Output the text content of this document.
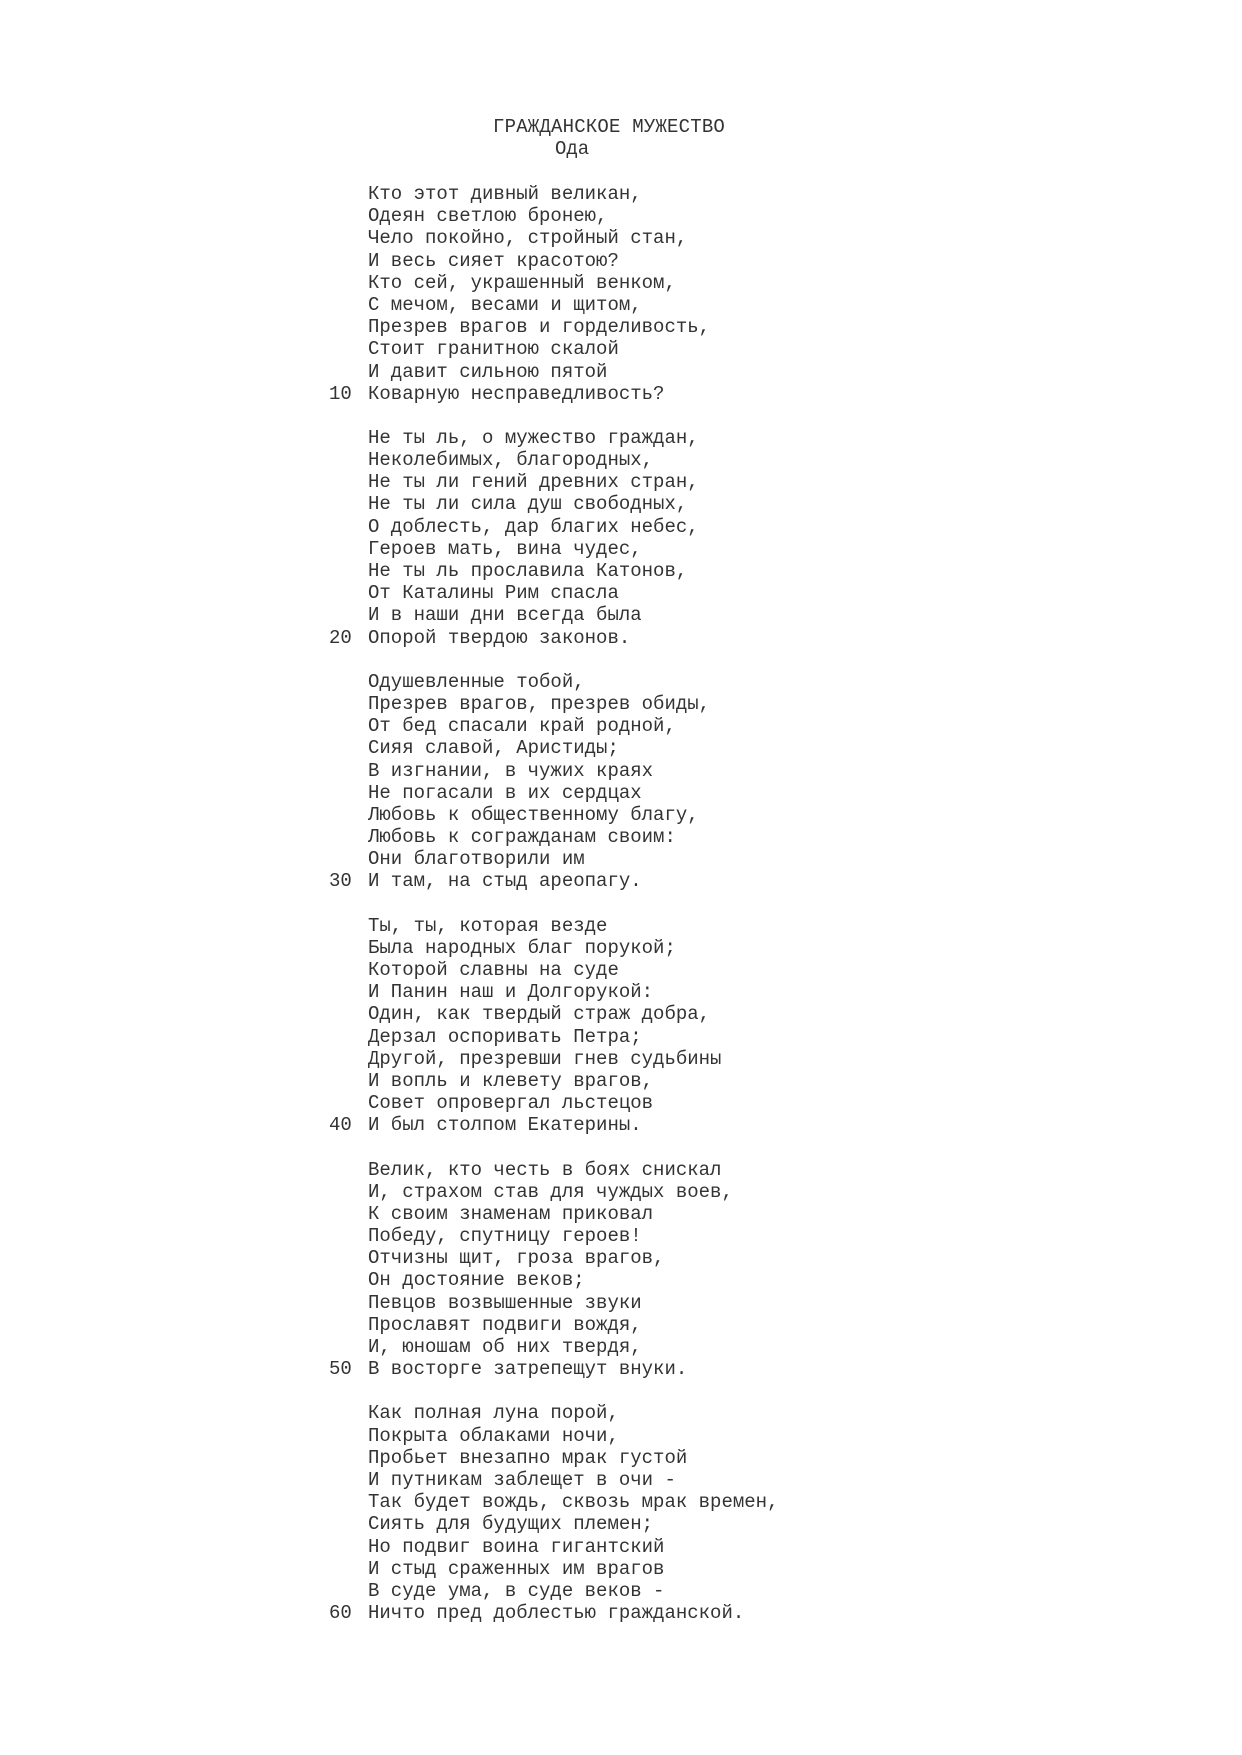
ГРАЖДАНСКОЕ МУЖЕСТВО
Ода
Кто этот дивный великан,
Одеян светлою бронею,
Чело покойно, стройный стан,
И весь сияет красотою?
Кто сей, украшенный венком,
С мечом, весами и щитом,
Презрев врагов и горделивость,
Стоит гранитною скалой
И давит сильною пятой
10 Коварную несправедливость?
Не ты ль, о мужество граждан,
Неколебимых, благородных,
Не ты ли гений древних стран,
Не ты ли сила душ свободных,
О доблесть, дар благих небес,
Героев мать, вина чудес,
Не ты ль прославила Катонов,
От Каталины Рим спасла
И в наши дни всегда была
20 Опорой твердою законов.
Одушевленные тобой,
Презрев врагов, презрев обиды,
От бед спасали край родной,
Сияя славой, Аристиды;
В изгнании, в чужих краях
Не погасали в их сердцах
Любовь к общественному благу,
Любовь к согражданам своим:
Они благотворили им
30 И там, на стыд ареопагу.
Ты, ты, которая везде
Была народных благ порукой;
Которой славны на суде
И Панин наш и Долгорукой:
Один, как твердый страж добра,
Дерзал оспоривать Петра;
Другой, презревши гнев судьбины
И вопль и клевету врагов,
Совет опровергал льстецов
40 И был столпом Екатерины.
Велик, кто честь в боях снискал
И, страхом став для чуждых воев,
К своим знаменам приковал
Победу, спутницу героев!
Отчизны щит, гроза врагов,
Он достояние веков;
Певцов возвышенные звуки
Прославят подвиги вождя,
И, юношам об них твердя,
50 В восторге затрепещут внуки.
Как полная луна порой,
Покрыта облаками ночи,
Пробьет внезапно мрак густой
И путникам заблещет в очи -
Так будет вождь, сквозь мрак времен,
Сиять для будущих племен;
Но подвиг воина гигантский
И стыд сраженных им врагов
В суде ума, в суде веков -
60 Ничто пред доблестью гражданской.
